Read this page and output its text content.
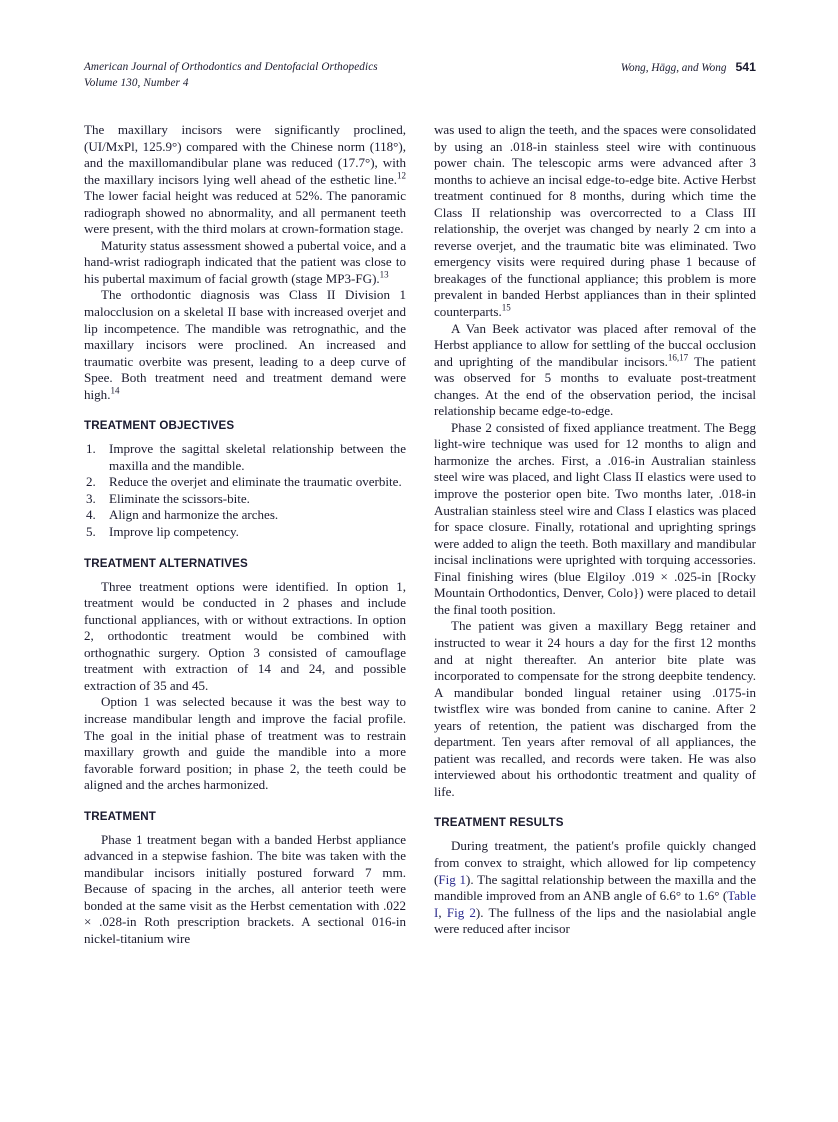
American Journal of Orthodontics and Dentofacial Orthopedics
Volume 130, Number 4
Wong, Hägg, and Wong 541

The maxillary incisors were significantly proclined, (UI/MxPl, 125.9°) compared with the Chinese norm (118°), and the maxillomandibular plane was reduced (17.7°), with the maxillary incisors lying well ahead of the esthetic line.$^{12}$ The lower facial height was reduced at 52%. The panoramic radiograph showed no abnormality, and all permanent teeth were present, with the third molars at crown-formation stage.

Maturity status assessment showed a pubertal voice, and a hand-wrist radiograph indicated that the patient was close to his pubertal maximum of facial growth (stage MP3-FG).$^{13}$

The orthodontic diagnosis was Class II Division 1 malocclusion on a skeletal II base with increased overjet and lip incompetence. The mandible was retrognathic, and the maxillary incisors were proclined. An increased and traumatic overbite was present, leading to a deep curve of Spee. Both treatment need and treatment demand were high.$^{14}$

TREATMENT OBJECTIVES
Improve the sagittal skeletal relationship between the maxilla and the mandible.
Reduce the overjet and eliminate the traumatic overbite.
Eliminate the scissors-bite.
Align and harmonize the arches.
Improve lip competency.
TREATMENT ALTERNATIVES

Three treatment options were identified. In option 1, treatment would be conducted in 2 phases and include functional appliances, with or without extractions. In option 2, orthodontic treatment would be combined with orthognathic surgery. Option 3 consisted of camouflage treatment with extraction of 14 and 24, and possible extraction of 35 and 45.

Option 1 was selected because it was the best way to increase mandibular length and improve the facial profile. The goal in the initial phase of treatment was to restrain maxillary growth and guide the mandible into a more favorable forward position; in phase 2, the teeth could be aligned and the arches harmonized.

TREATMENT

Phase 1 treatment began with a banded Herbst appliance advanced in a stepwise fashion. The bite was taken with the mandibular incisors initially postured forward 7 mm. Because of spacing in the arches, all anterior teeth were bonded at the same visit as the Herbst cementation with .022 × .028-in Roth prescription brackets. A sectional 016-in nickel-titanium wire

was used to align the teeth, and the spaces were consolidated by using an .018-in stainless steel wire with continuous power chain. The telescopic arms were advanced after 3 months to achieve an incisal edge-to-edge bite. Active Herbst treatment continued for 8 months, during which time the Class II relationship was overcorrected to a Class III relationship, the overjet was changed by nearly 2 cm into a reverse overjet, and the traumatic bite was eliminated. Two emergency visits were required during phase 1 because of breakages of the functional appliance; this problem is more prevalent in banded Herbst appliances than in their splinted counterparts.$^{15}$

A Van Beek activator was placed after removal of the Herbst appliance to allow for settling of the buccal occlusion and uprighting of the mandibular incisors.$^{16,17}$ The patient was observed for 5 months to evaluate post-treatment changes. At the end of the observation period, the incisal relationship became edge-to-edge.

Phase 2 consisted of fixed appliance treatment. The Begg light-wire technique was used for 12 months to align and harmonize the arches. First, a .016-in Australian stainless steel wire was placed, and light Class II elastics were used to improve the posterior open bite. Two months later, .018-in Australian stainless steel wire and Class I elastics was placed for space closure. Finally, rotational and uprighting springs were added to align the teeth. Both maxillary and mandibular incisal inclinations were uprighted with torquing accessories. Final finishing wires (blue Elgiloy .019 × .025-in [Rocky Mountain Orthodontics, Denver, Colo}) were placed to detail the final tooth position.

The patient was given a maxillary Begg retainer and instructed to wear it 24 hours a day for the first 12 months and at night thereafter. An anterior bite plate was incorporated to compensate for the strong deepbite tendency. A mandibular bonded lingual retainer using .0175-in twistflex wire was bonded from canine to canine. After 2 years of retention, the patient was discharged from the department. Ten years after removal of all appliances, the patient was recalled, and records were taken. He was also interviewed about his orthodontic treatment and quality of life.

TREATMENT RESULTS

During treatment, the patient's profile quickly changed from convex to straight, which allowed for lip competency (Fig 1). The sagittal relationship between the maxilla and the mandible improved from an ANB angle of 6.6° to 1.6° (Table I, Fig 2). The fullness of the lips and the nasiolabial angle were reduced after incisor
